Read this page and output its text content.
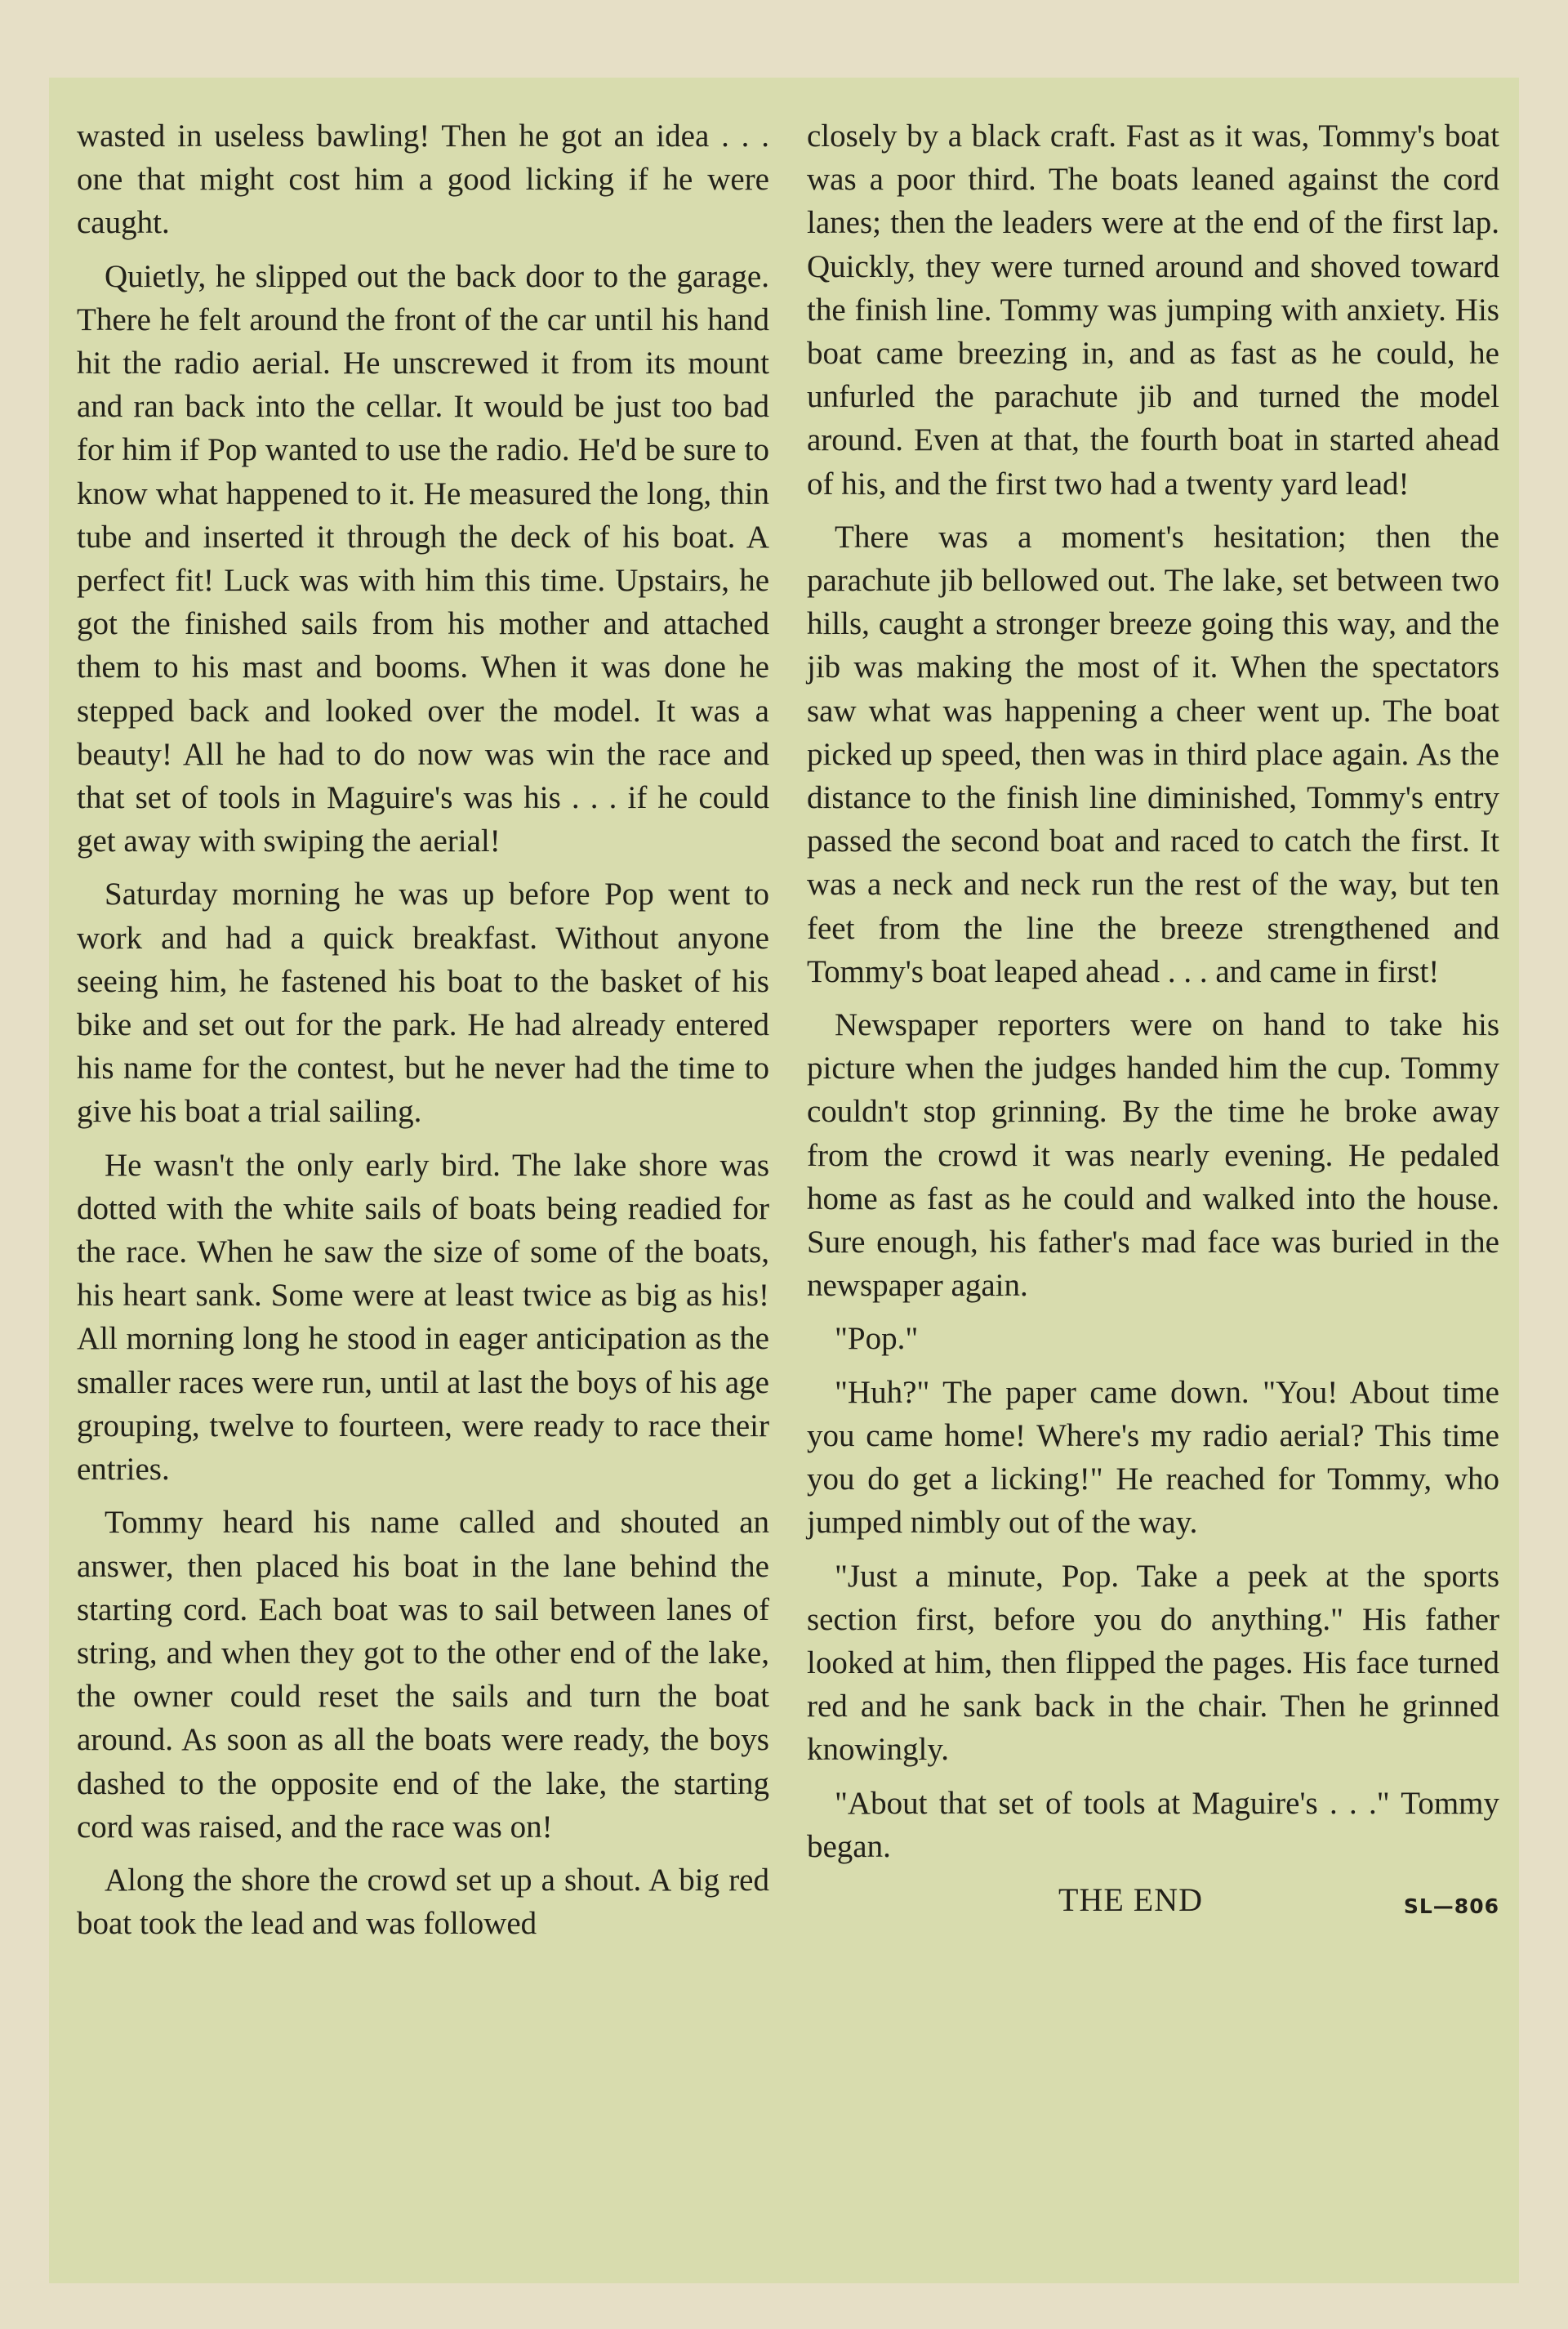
wasted in useless bawling! Then he got an idea . . . one that might cost him a good licking if he were caught.

Quietly, he slipped out the back door to the garage. There he felt around the front of the car until his hand hit the radio aerial. He unscrewed it from its mount and ran back into the cellar. It would be just too bad for him if Pop wanted to use the radio. He'd be sure to know what happened to it. He measured the long, thin tube and inserted it through the deck of his boat. A perfect fit! Luck was with him this time. Upstairs, he got the finished sails from his mother and attached them to his mast and booms. When it was done he stepped back and looked over the model. It was a beauty! All he had to do now was win the race and that set of tools in Maguire's was his . . . if he could get away with swiping the aerial!

Saturday morning he was up before Pop went to work and had a quick breakfast. Without anyone seeing him, he fastened his boat to the basket of his bike and set out for the park. He had already entered his name for the contest, but he never had the time to give his boat a trial sailing.

He wasn't the only early bird. The lake shore was dotted with the white sails of boats being readied for the race. When he saw the size of some of the boats, his heart sank. Some were at least twice as big as his! All morning long he stood in eager anticipation as the smaller races were run, until at last the boys of his age grouping, twelve to fourteen, were ready to race their entries.

Tommy heard his name called and shouted an answer, then placed his boat in the lane behind the starting cord. Each boat was to sail between lanes of string, and when they got to the other end of the lake, the owner could reset the sails and turn the boat around. As soon as all the boats were ready, the boys dashed to the opposite end of the lake, the starting cord was raised, and the race was on!

Along the shore the crowd set up a shout. A big red boat took the lead and was followed

closely by a black craft. Fast as it was, Tommy's boat was a poor third. The boats leaned against the cord lanes; then the leaders were at the end of the first lap. Quickly, they were turned around and shoved toward the finish line. Tommy was jumping with anxiety. His boat came breezing in, and as fast as he could, he unfurled the parachute jib and turned the model around. Even at that, the fourth boat in started ahead of his, and the first two had a twenty yard lead!

There was a moment's hesitation; then the parachute jib bellowed out. The lake, set between two hills, caught a stronger breeze going this way, and the jib was making the most of it. When the spectators saw what was happening a cheer went up. The boat picked up speed, then was in third place again. As the distance to the finish line diminished, Tommy's entry passed the second boat and raced to catch the first. It was a neck and neck run the rest of the way, but ten feet from the line the breeze strengthened and Tommy's boat leaped ahead . . . and came in first!

Newspaper reporters were on hand to take his picture when the judges handed him the cup. Tommy couldn't stop grinning. By the time he broke away from the crowd it was nearly evening. He pedaled home as fast as he could and walked into the house. Sure enough, his father's mad face was buried in the newspaper again.

"Pop."

"Huh?" The paper came down. "You! About time you came home! Where's my radio aerial? This time you do get a licking!" He reached for Tommy, who jumped nimbly out of the way.

"Just a minute, Pop. Take a peek at the sports section first, before you do anything." His father looked at him, then flipped the pages. His face turned red and he sank back in the chair. Then he grinned knowingly.

"About that set of tools at Maguire's . . ." Tommy began.

THE END	SL—806
